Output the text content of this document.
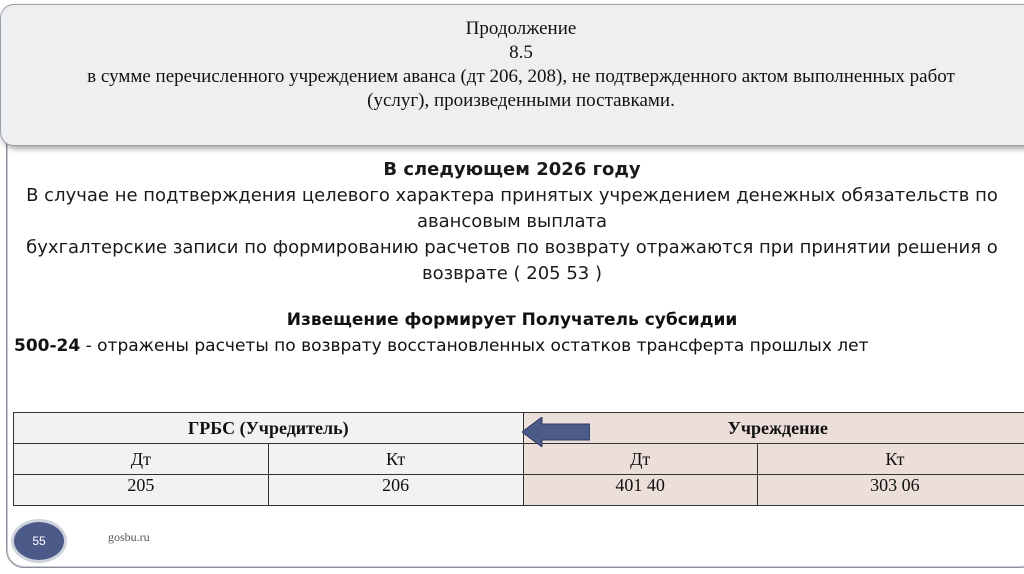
Продолжение
8.5
в сумме перечисленного учреждением аванса (дт 206, 208), не подтвержденного актом выполненных работ
(услуг), произведенными поставками.
В следующем 2026 году
В случае не подтверждения целевого характера принятых учреждением денежных обязательств по
авансовым выплата
бухгалтерские записи по формированию расчетов по возврату отражаются при принятии решения о
возврате ( 205 53 )
Извещение формирует Получатель субсидии
500-24 - отражены расчеты по возврату восстановленных остатков трансферта прошлых лет
ГРБС (Учредитель)		Учреждение	
Дт	Кт	Дт	Кт
205	206	401 40	303 06
55	gosbu.ru
